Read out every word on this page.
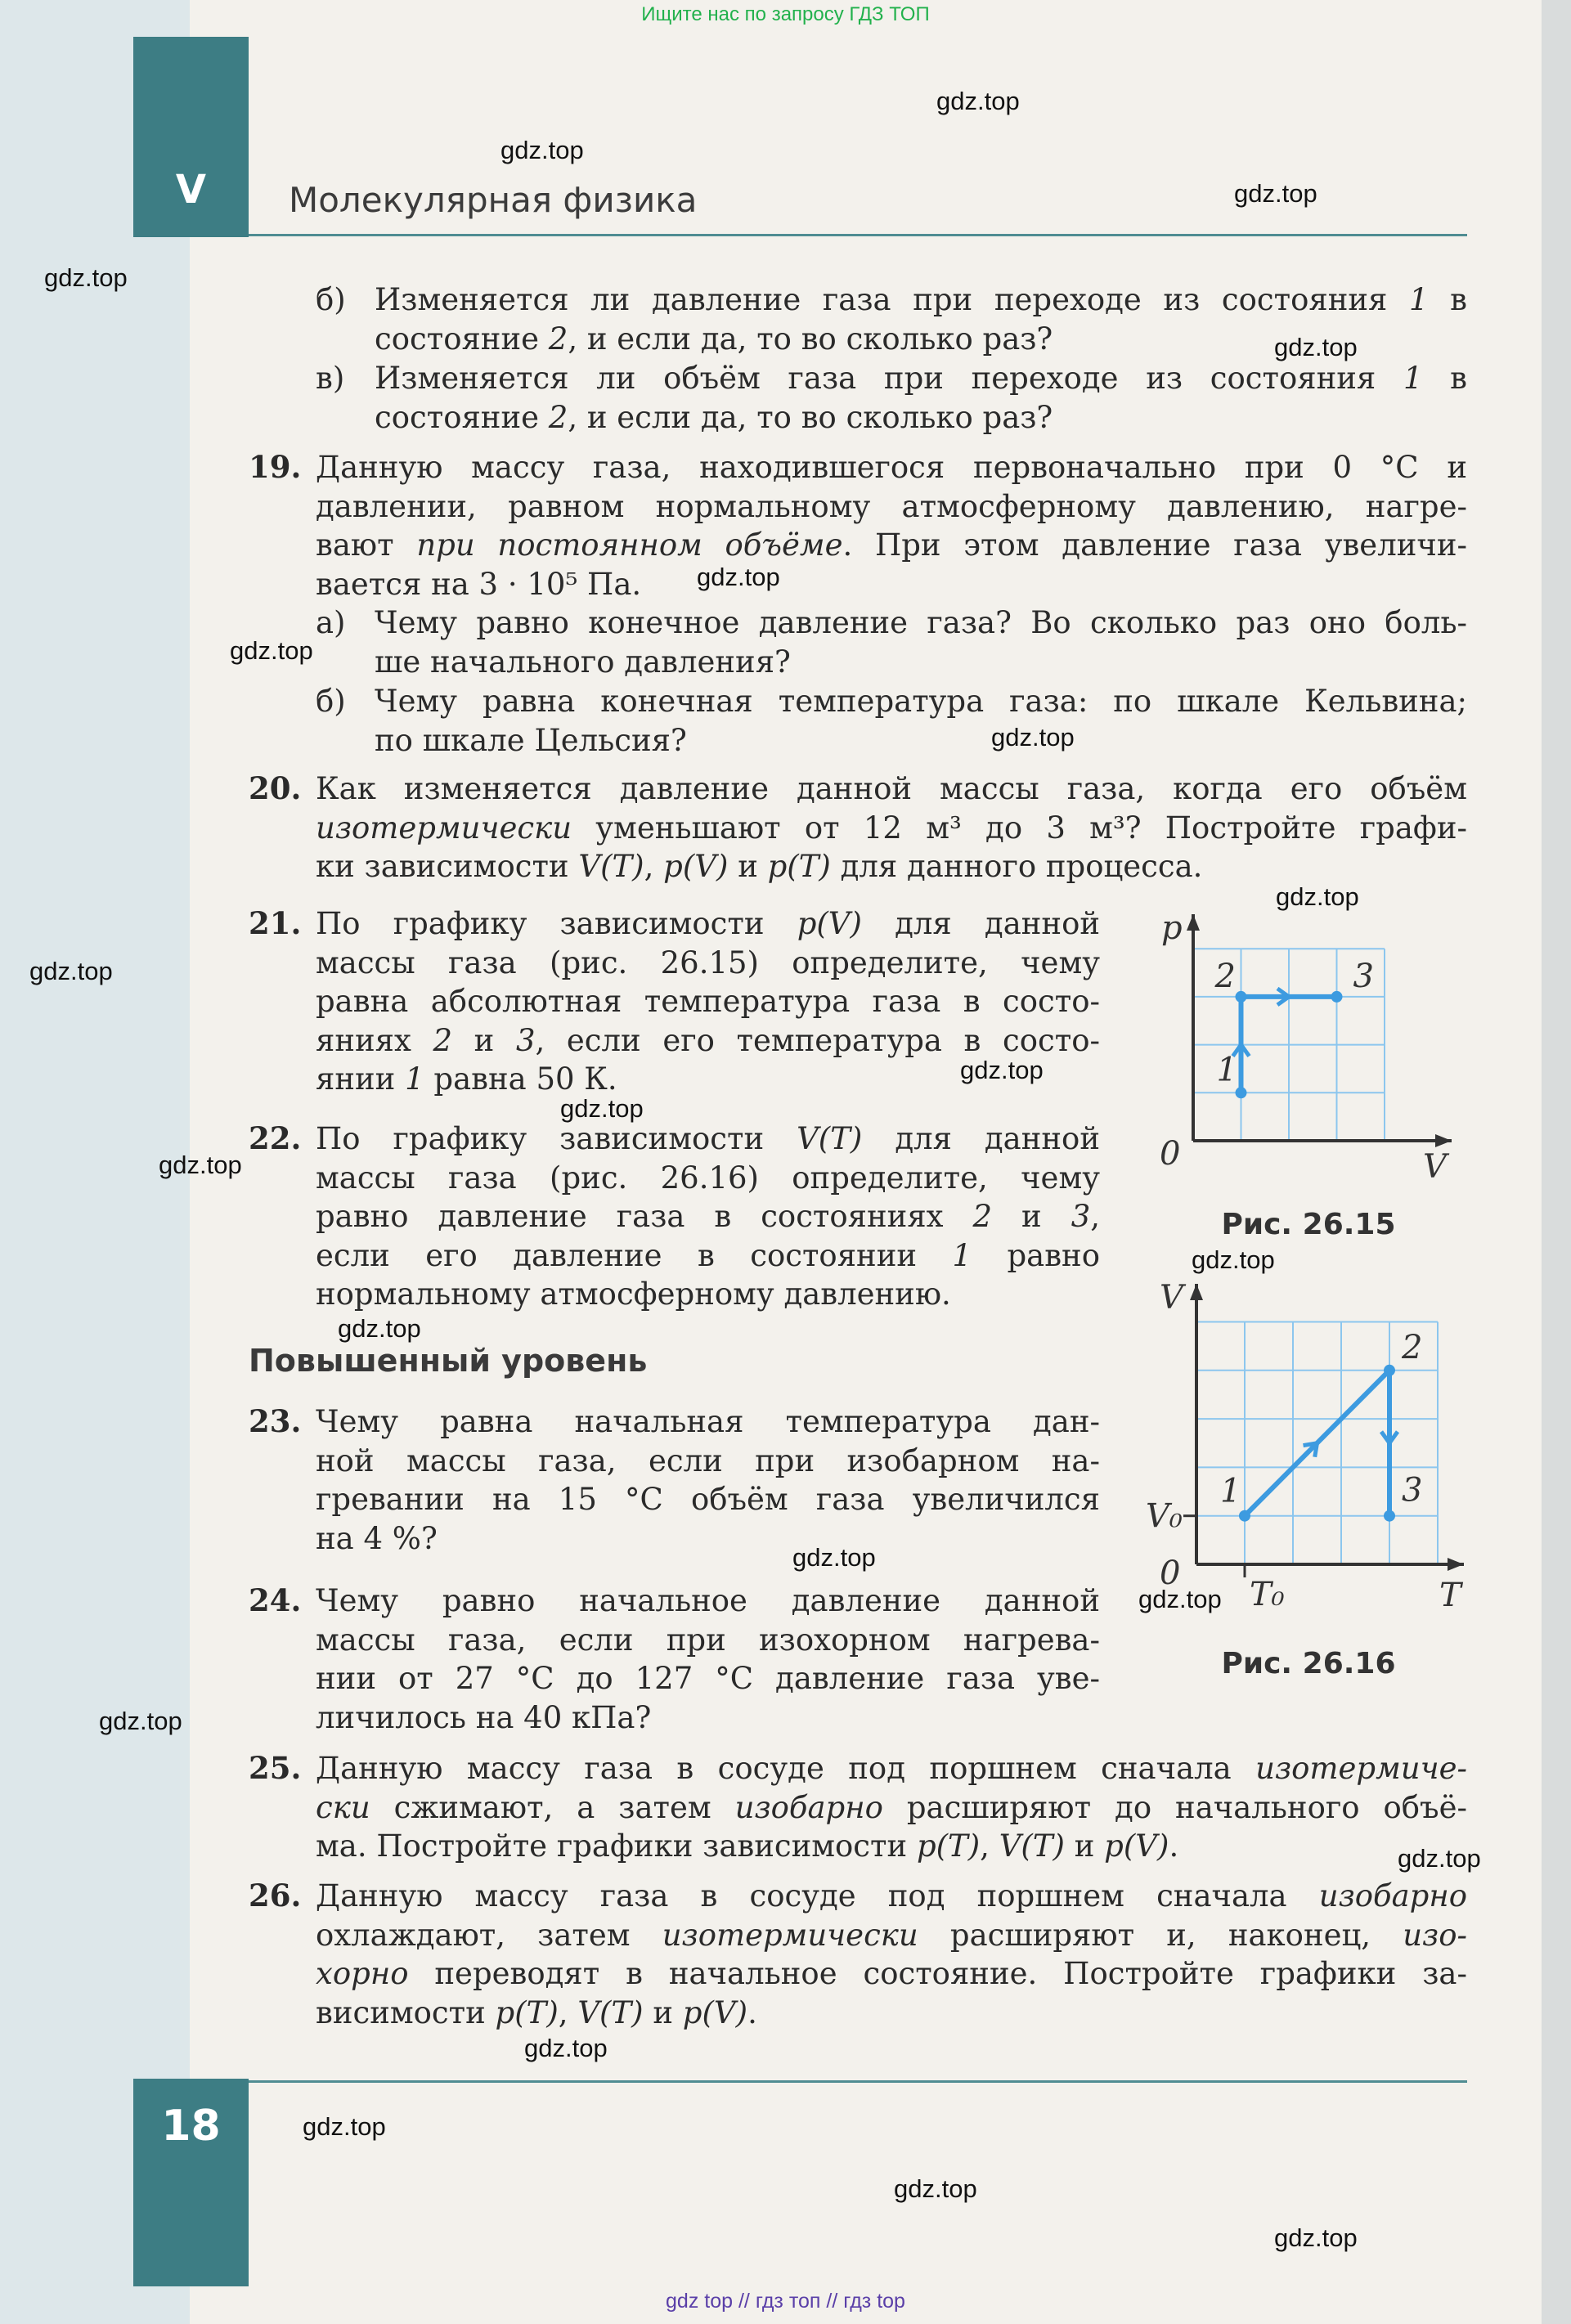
Ищите нас по запросу ГДЗ ТОП
V	Молекулярная физика
б) Изменяется ли давление газа при переходе из состояния 1 в
состояние 2, и если да, то во сколько раз?
в) Изменяется ли объём газа при переходе из состояния 1 в
состояние 2, и если да, то во сколько раз?
19. Данную массу газа, находившегося первоначально при 0 °С и
давлении, равном нормальному атмосферному давлению, нагре-
вают при постоянном объёме. При этом давление газа увеличи-
вается на 3 · 10⁵ Па.
а) Чему равно конечное давление газа? Во сколько раз оно боль-
ше начального давления?
б) Чему равна конечная температура газа: по шкале Кельвина;
по шкале Цельсия?
20. Как изменяется давление данной массы газа, когда его объём
изотермически уменьшают от 12 м³ до 3 м³? Постройте графи-
ки зависимости V(T), p(V) и p(T) для данного процесса.
21. По графику зависимости p(V) для данной
массы газа (рис. 26.15) определите, чему
равна абсолютная температура газа в состо-
яниях 2 и 3, если его температура в состо-
янии 1 равна 50 К.
22. По графику зависимости V(T) для данной
массы газа (рис. 26.16) определите, чему
равно давление газа в состояниях 2 и 3,
если его давление в состоянии 1 равно
нормальному атмосферному давлению.
23. Чему равна начальная температура дан-
ной массы газа, если при изобарном на-
гревании на 15 °С объём газа увеличился
на 4 %?
24. Чему равно начальное давление данной
массы газа, если при изохорном нагрева-
нии от 27 °С до 127 °С давление газа уве-
личилось на 40 кПа?
25. Данную массу газа в сосуде под поршнем сначала изотермиче-
ски сжимают, а затем изобарно расширяют до начального объё-
ма. Постройте графики зависимости p(T), V(T) и p(V).
26. Данную массу газа в сосуде под поршнем сначала изобарно
охлаждают, затем изотермически расширяют и, наконец, изо-
хорно переводят в начальное состояние. Постройте графики за-
висимости p(T), V(T) и p(V).
Повышенный уровень
p
V
0
1
2	3
V
T
0
V₀
T₀
1
2
3
Рис. 26.15
Рис. 26.16
18
gdz top // гдз топ // гдз top
gdz.top
gdz.top
gdz.top
gdz.top
gdz.top
gdz.top
gdz.top
gdz.top
gdz.top
gdz.top
gdz.top
gdz.top
gdz.top
gdz.top
gdz.top
gdz.top
gdz.top
gdz.top
gdz.top
gdz.top
gdz.top
gdz.top
gdz.top
